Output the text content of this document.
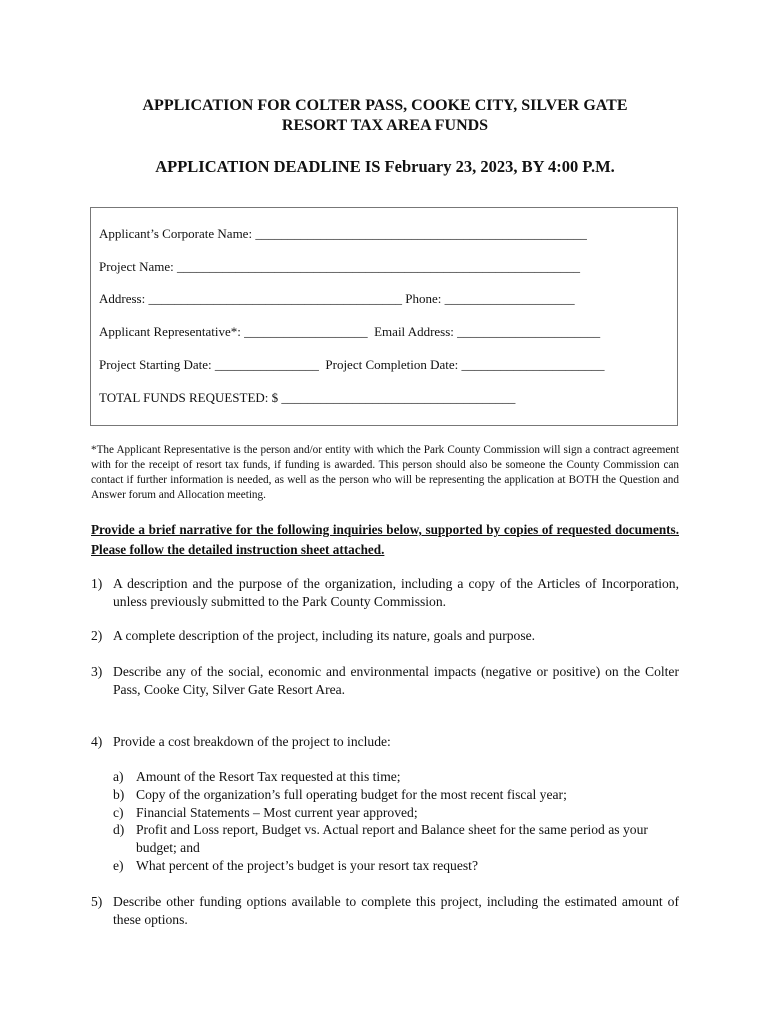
APPLICATION FOR COLTER PASS, COOKE CITY, SILVER GATE
RESORT TAX AREA FUNDS
APPLICATION DEADLINE IS February 23, 2023, BY 4:00 P.M.
Applicant’s Corporate Name: ___________________________________________________
Project Name: ______________________________________________________________
Address: _______________________________________ Phone: ____________________
Applicant Representative*: ___________________  Email Address: ______________________
Project Starting Date: ________________  Project Completion Date: ______________________
TOTAL FUNDS REQUESTED: $ ____________________________________
*The Applicant Representative is the person and/or entity with which the Park County Commission will sign a contract agreement with for the receipt of resort tax funds, if funding is awarded. This person should also be someone the County Commission can contact if further information is needed, as well as the person who will be representing the application at BOTH the Question and Answer forum and Allocation meeting.
Provide a brief narrative for the following inquiries below, supported by copies of requested documents. Please follow the detailed instruction sheet attached.
1) A description and the purpose of the organization, including a copy of the Articles of Incorporation, unless previously submitted to the Park County Commission.
2) A complete description of the project, including its nature, goals and purpose.
3) Describe any of the social, economic and environmental impacts (negative or positive) on the Colter Pass, Cooke City, Silver Gate Resort Area.
4) Provide a cost breakdown of the project to include:
a) Amount of the Resort Tax requested at this time;
b) Copy of the organization’s full operating budget for the most recent fiscal year;
c) Financial Statements – Most current year approved;
d) Profit and Loss report, Budget vs. Actual report and Balance sheet for the same period as your budget; and
e) What percent of the project’s budget is your resort tax request?
5) Describe other funding options available to complete this project, including the estimated amount of these options.
